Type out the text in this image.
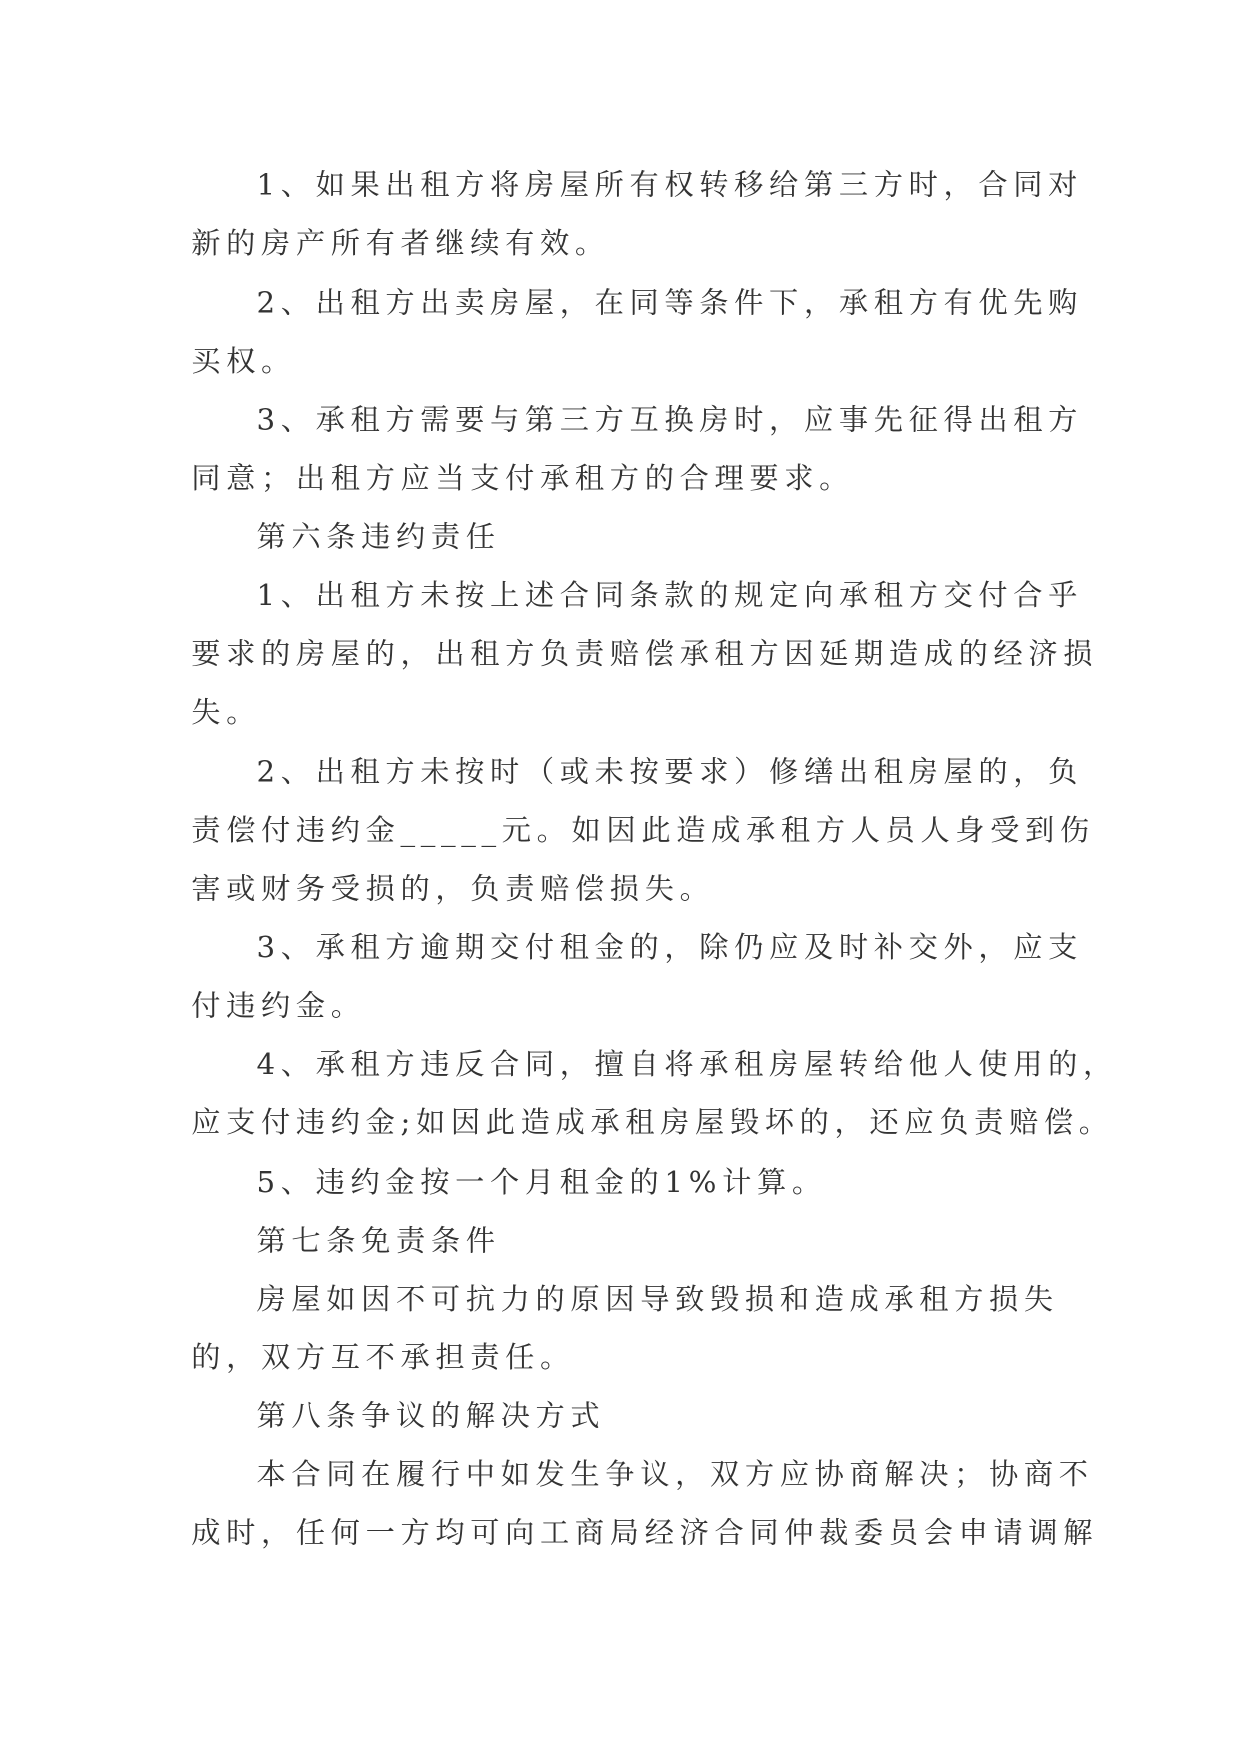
1、如果出租方将房屋所有权转移给第三方时，合同对

新的房产所有者继续有效。

2、出租方出卖房屋，在同等条件下，承租方有优先购

买权。

3、承租方需要与第三方互换房时，应事先征得出租方

同意；出租方应当支付承租方的合理要求。

第六条违约责任

1、出租方未按上述合同条款的规定向承租方交付合乎

要求的房屋的，出租方负责赔偿承租方因延期造成的经济损

失。

2、出租方未按时（或未按要求）修缮出租房屋的，负

责偿付违约金_____元。如因此造成承租方人员人身受到伤

害或财务受损的，负责赔偿损失。

3、承租方逾期交付租金的，除仍应及时补交外，应支

付违约金。

4、承租方违反合同，擅自将承租房屋转给他人使用的，

应支付违约金;如因此造成承租房屋毁坏的，还应负责赔偿。

5、违约金按一个月租金的1%计算。

第七条免责条件

房屋如因不可抗力的原因导致毁损和造成承租方损失

的，双方互不承担责任。

第八条争议的解决方式

本合同在履行中如发生争议，双方应协商解决；协商不

成时，任何一方均可向工商局经济合同仲裁委员会申请调解
